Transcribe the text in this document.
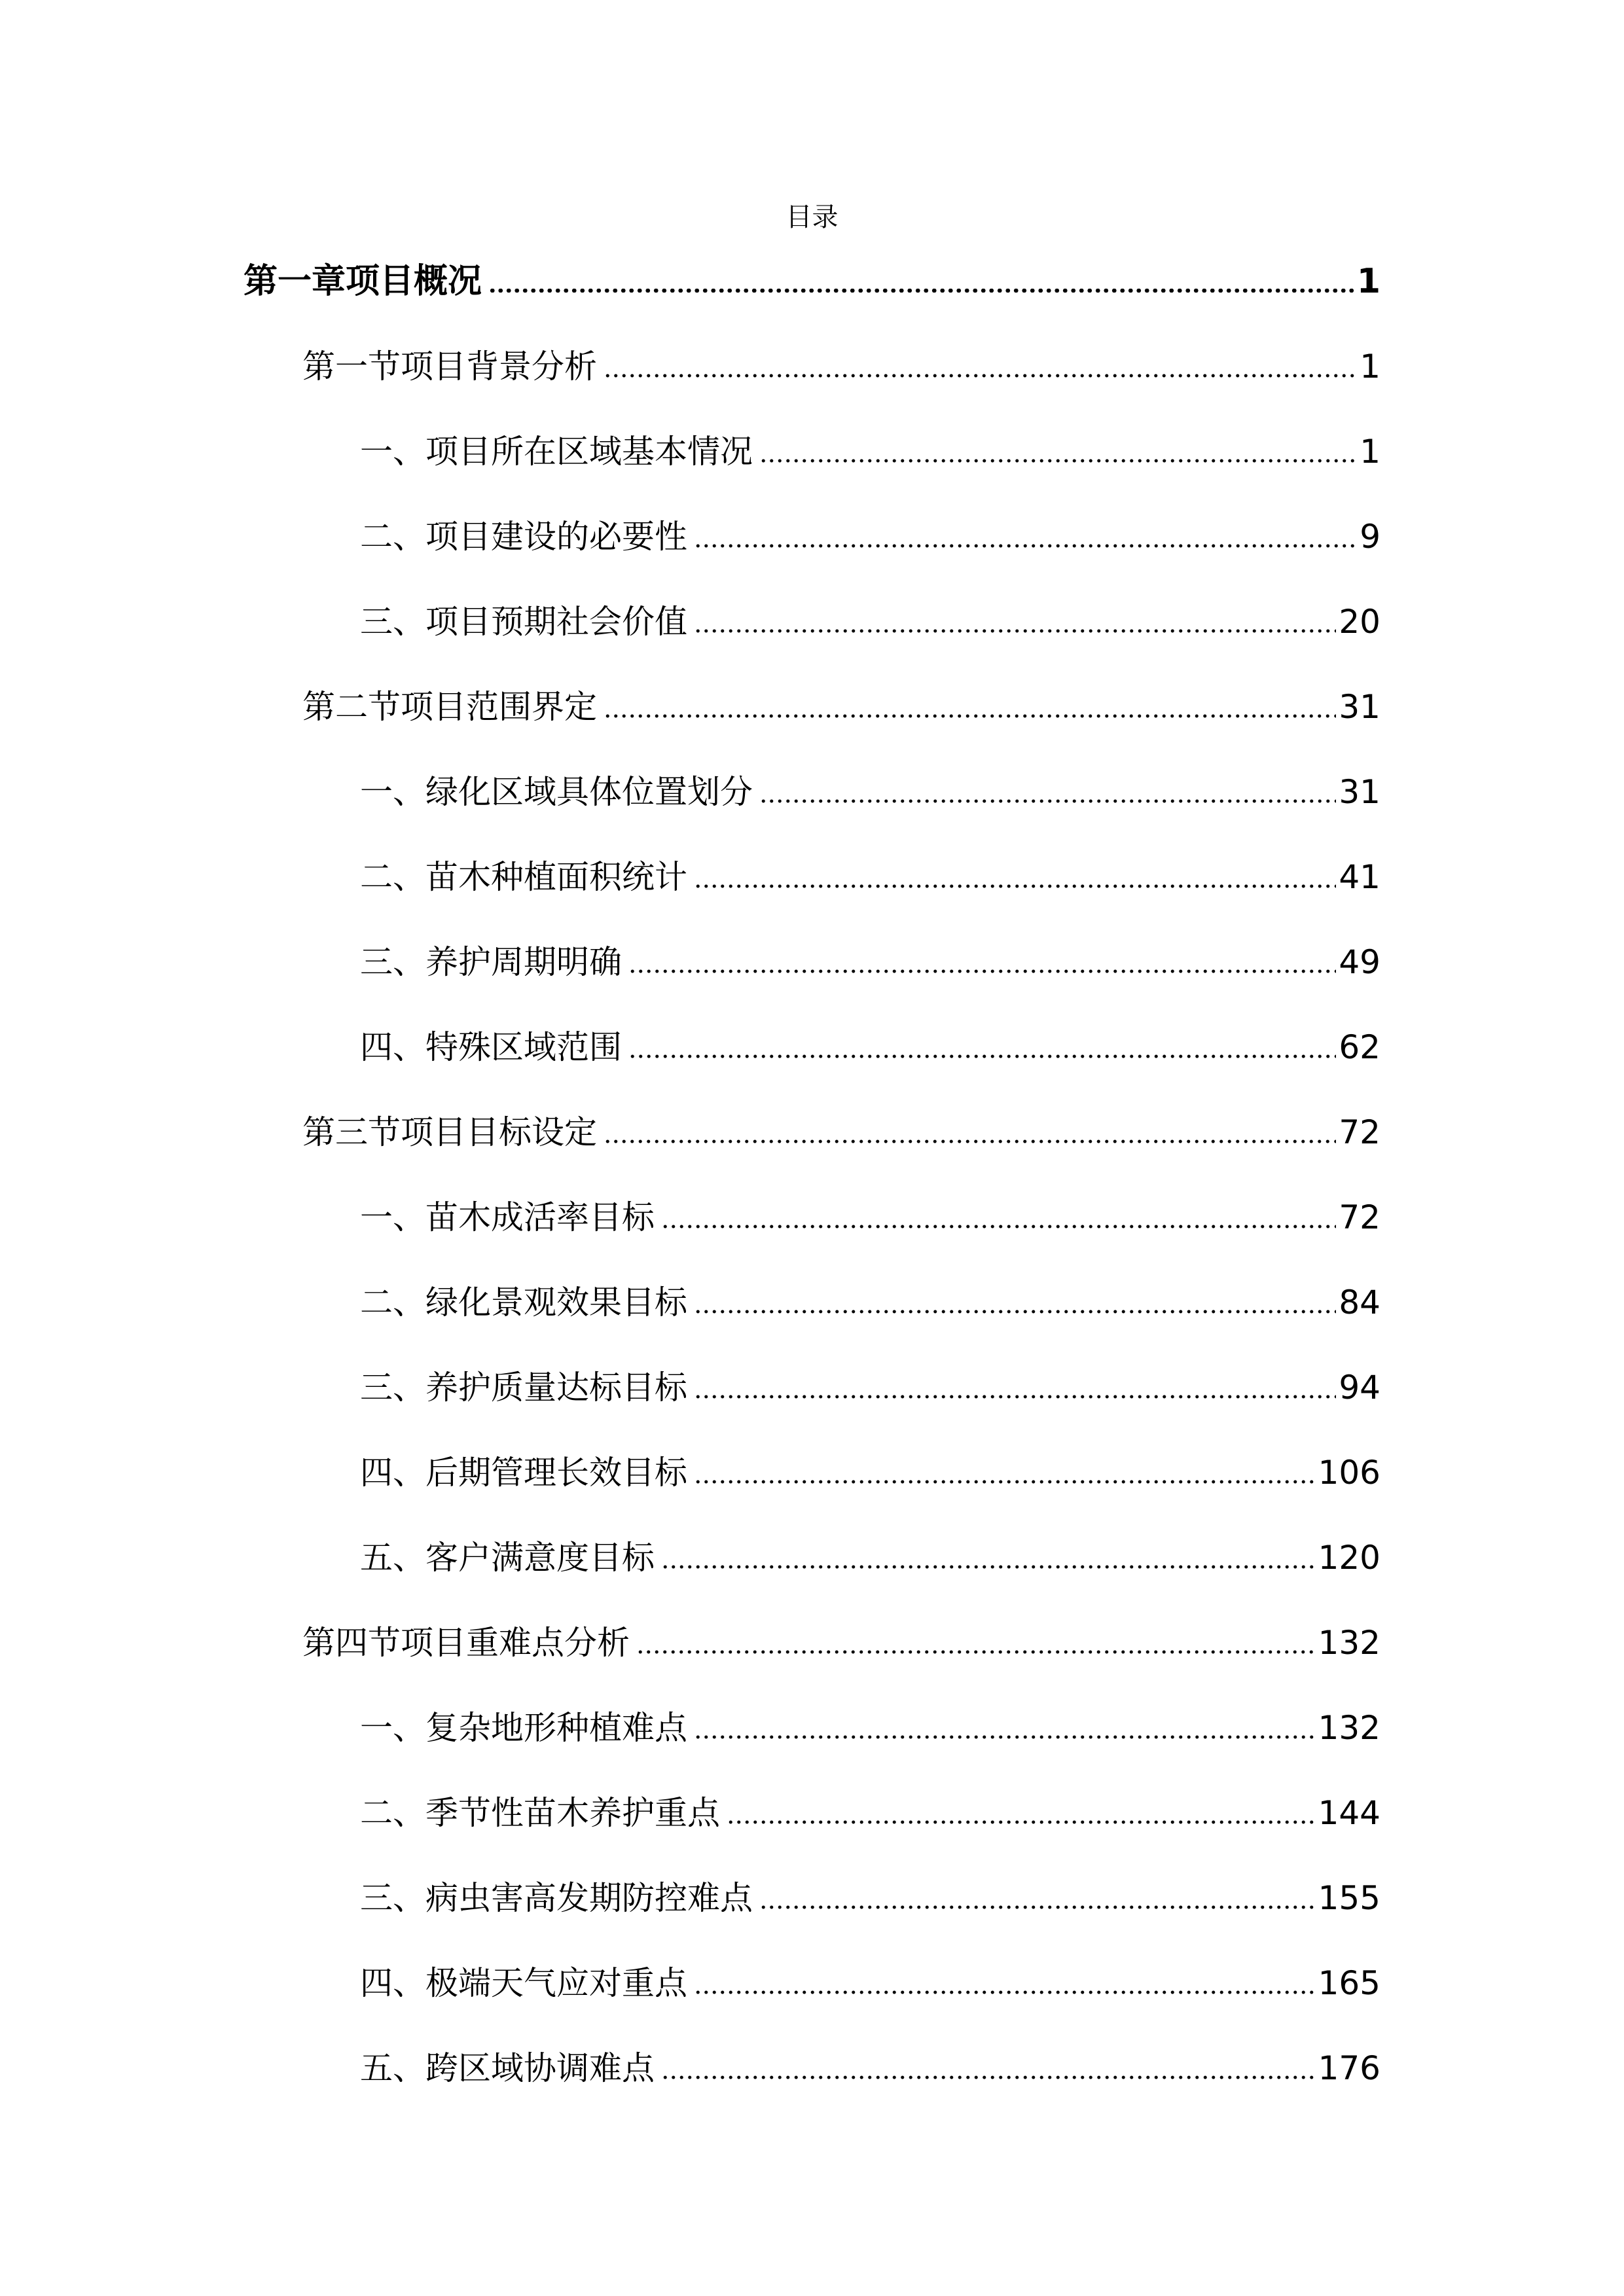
目录
第一章项目概况	1
第一节项目背景分析	1
一、项目所在区域基本情况	1
二、项目建设的必要性	9
三、项目预期社会价值	20
第二节项目范围界定	31
一、绿化区域具体位置划分	31
二、苗木种植面积统计	41
三、养护周期明确	49
四、特殊区域范围	62
第三节项目目标设定	72
一、苗木成活率目标	72
二、绿化景观效果目标	84
三、养护质量达标目标	94
四、后期管理长效目标	106
五、客户满意度目标	120
第四节项目重难点分析	132
一、复杂地形种植难点	132
二、季节性苗木养护重点	144
三、病虫害高发期防控难点	155
四、极端天气应对重点	165
五、跨区域协调难点	176
